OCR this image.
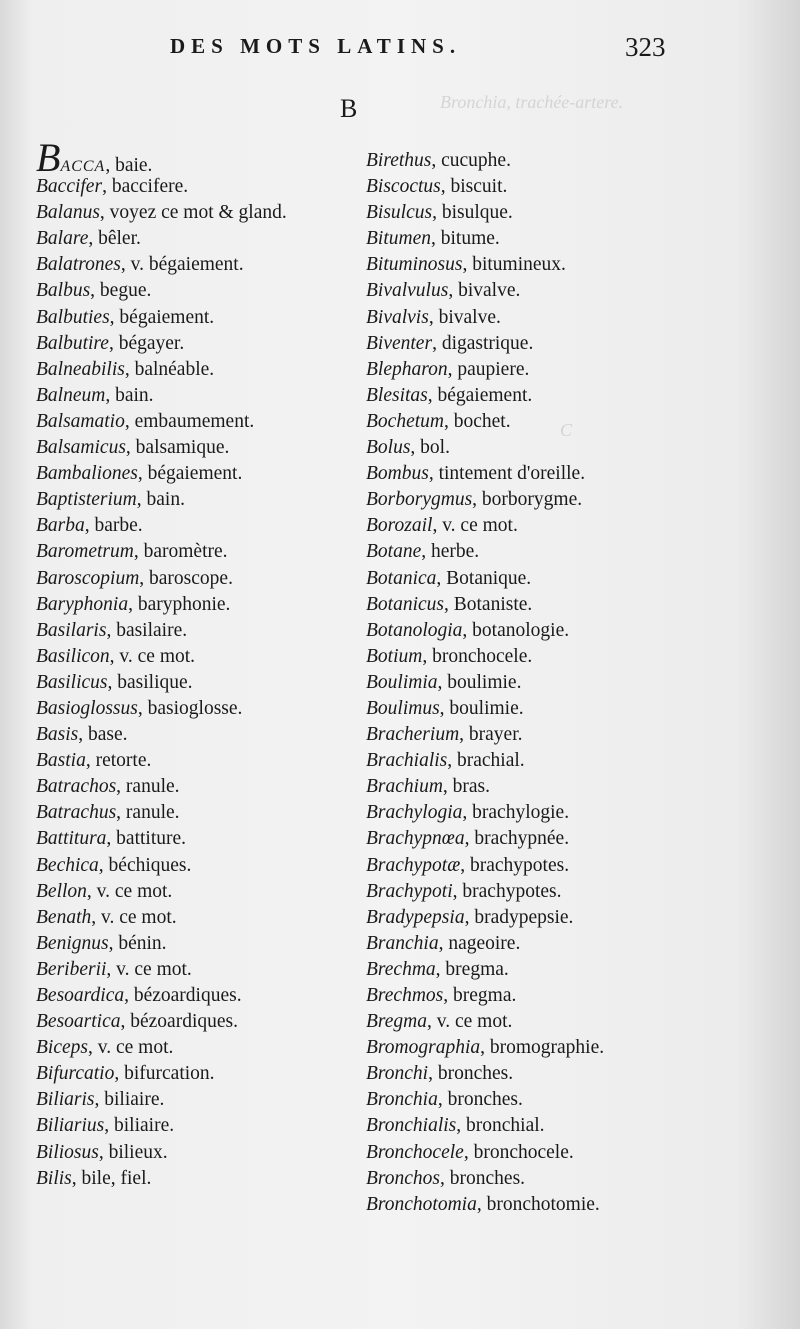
Bronchia, trachée-artere.
C
DES MOTS LATINS.	323
B
BACCA, baie.
Baccifer, baccifere.
Balanus, voyez ce mot & gland.
Balare, bêler.
Balatrones, v. bégaiement.
Balbus, begue.
Balbuties, bégaiement.
Balbutire, bégayer.
Balneabilis, balnéable.
Balneum, bain.
Balsamatio, embaumement.
Balsamicus, balsamique.
Bambaliones, bégaiement.
Baptisterium, bain.
Barba, barbe.
Barometrum, baromètre.
Baroscopium, baroscope.
Baryphonia, baryphonie.
Basilaris, basilaire.
Basilicon, v. ce mot.
Basilicus, basilique.
Basioglossus, basioglosse.
Basis, base.
Bastia, retorte.
Batrachos, ranule.
Batrachus, ranule.
Battitura, battiture.
Bechica, béchiques.
Bellon, v. ce mot.
Benath, v. ce mot.
Benignus, bénin.
Beriberii, v. ce mot.
Besoardica, bézoardiques.
Besoartica, bézoardiques.
Biceps, v. ce mot.
Bifurcatio, bifurcation.
Biliaris, biliaire.
Biliarius, biliaire.
Biliosus, bilieux.
Bilis, bile, fiel.
Birethus, cucuphe.
Biscoctus, biscuit.
Bisulcus, bisulque.
Bitumen, bitume.
Bituminosus, bitumineux.
Bivalvulus, bivalve.
Bivalvis, bivalve.
Biventer, digastrique.
Blepharon, paupiere.
Blesitas, bégaiement.
Bochetum, bochet.
Bolus, bol.
Bombus, tintement d'oreille.
Borborygmus, borborygme.
Borozail, v. ce mot.
Botane, herbe.
Botanica, Botanique.
Botanicus, Botaniste.
Botanologia, botanologie.
Botium, bronchocele.
Boulimia, boulimie.
Boulimus, boulimie.
Bracherium, brayer.
Brachialis, brachial.
Brachium, bras.
Brachylogia, brachylogie.
Brachypnœa, brachypnée.
Brachypotæ, brachypotes.
Brachypoti, brachypotes.
Bradypepsia, bradypepsie.
Branchia, nageoire.
Brechma, bregma.
Brechmos, bregma.
Bregma, v. ce mot.
Bromographia, bromographie.
Bronchi, bronches.
Bronchia, bronches.
Bronchialis, bronchial.
Bronchocele, bronchocele.
Bronchos, bronches.
Bronchotomia, bronchotomie.
